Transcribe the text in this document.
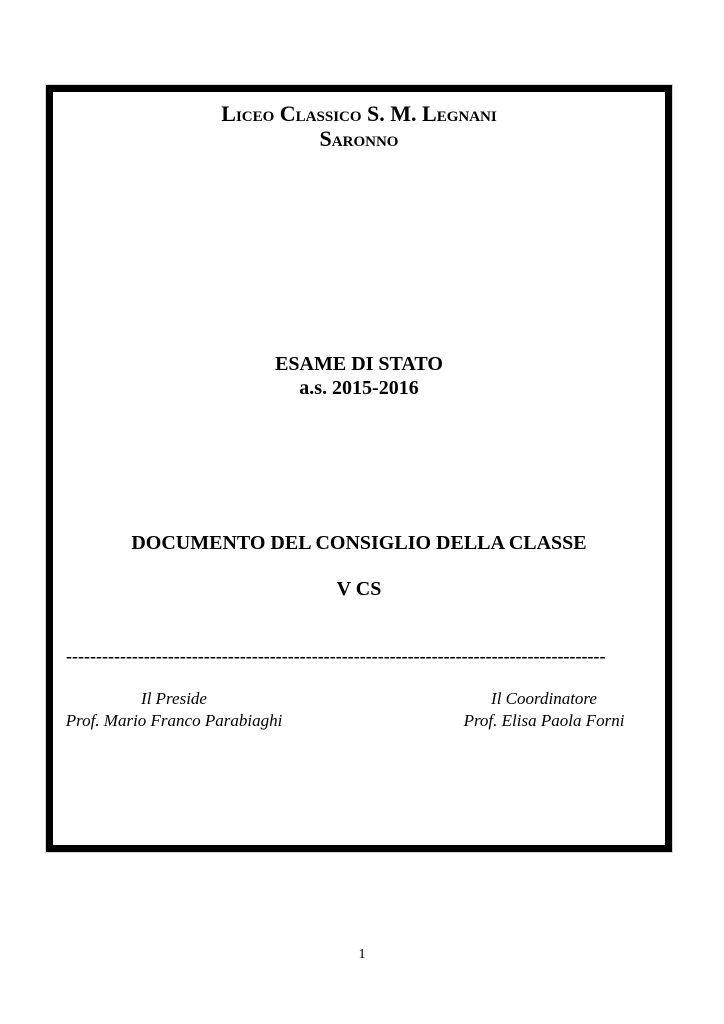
Liceo Classico S. M. Legnani
Saronno
ESAME DI STATO
a.s. 2015-2016
DOCUMENTO DEL CONSIGLIO DELLA CLASSE
V CS
------------------------------------------------------------------------------------------
Il Preside
Prof. Mario Franco Parabiaghi
Il Coordinatore
Prof. Elisa Paola Forni
1
